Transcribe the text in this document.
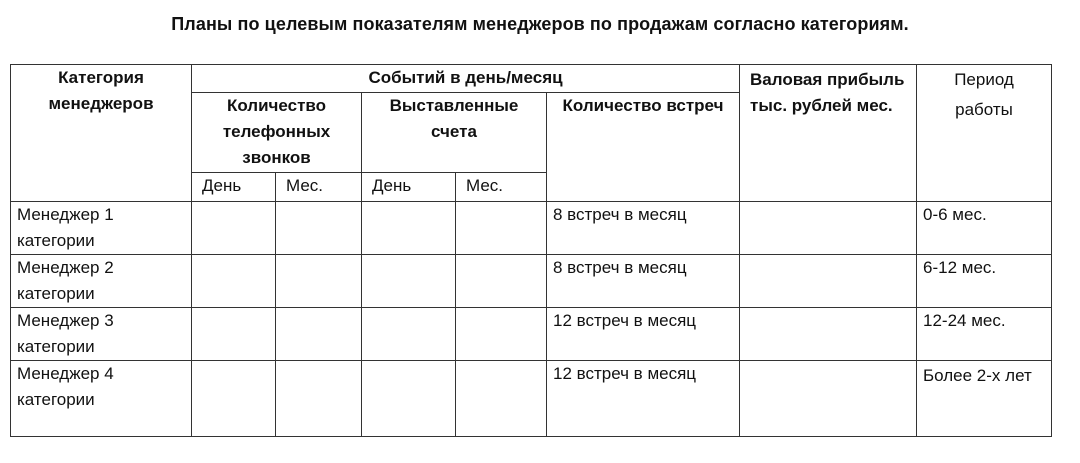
Планы по целевым показателям менеджеров по продажам согласно категориям.
Категория менеджеров	Событий в день/месяц					Валовая прибыль тыс. рублей мес.	Период работы
	Количество телефонных звонков		Выставленные счета		Количество встреч		
	День	Мес.	День	Мес.			
Менеджер 1 категории					8 встреч в месяц		0-6 мес.
Менеджер 2 категории					8 встреч в месяц		6-12 мес.
Менеджер 3 категории					12 встреч в месяц		12-24 мес.
Менеджер 4 категории					12 встреч в месяц		Более 2-х лет
